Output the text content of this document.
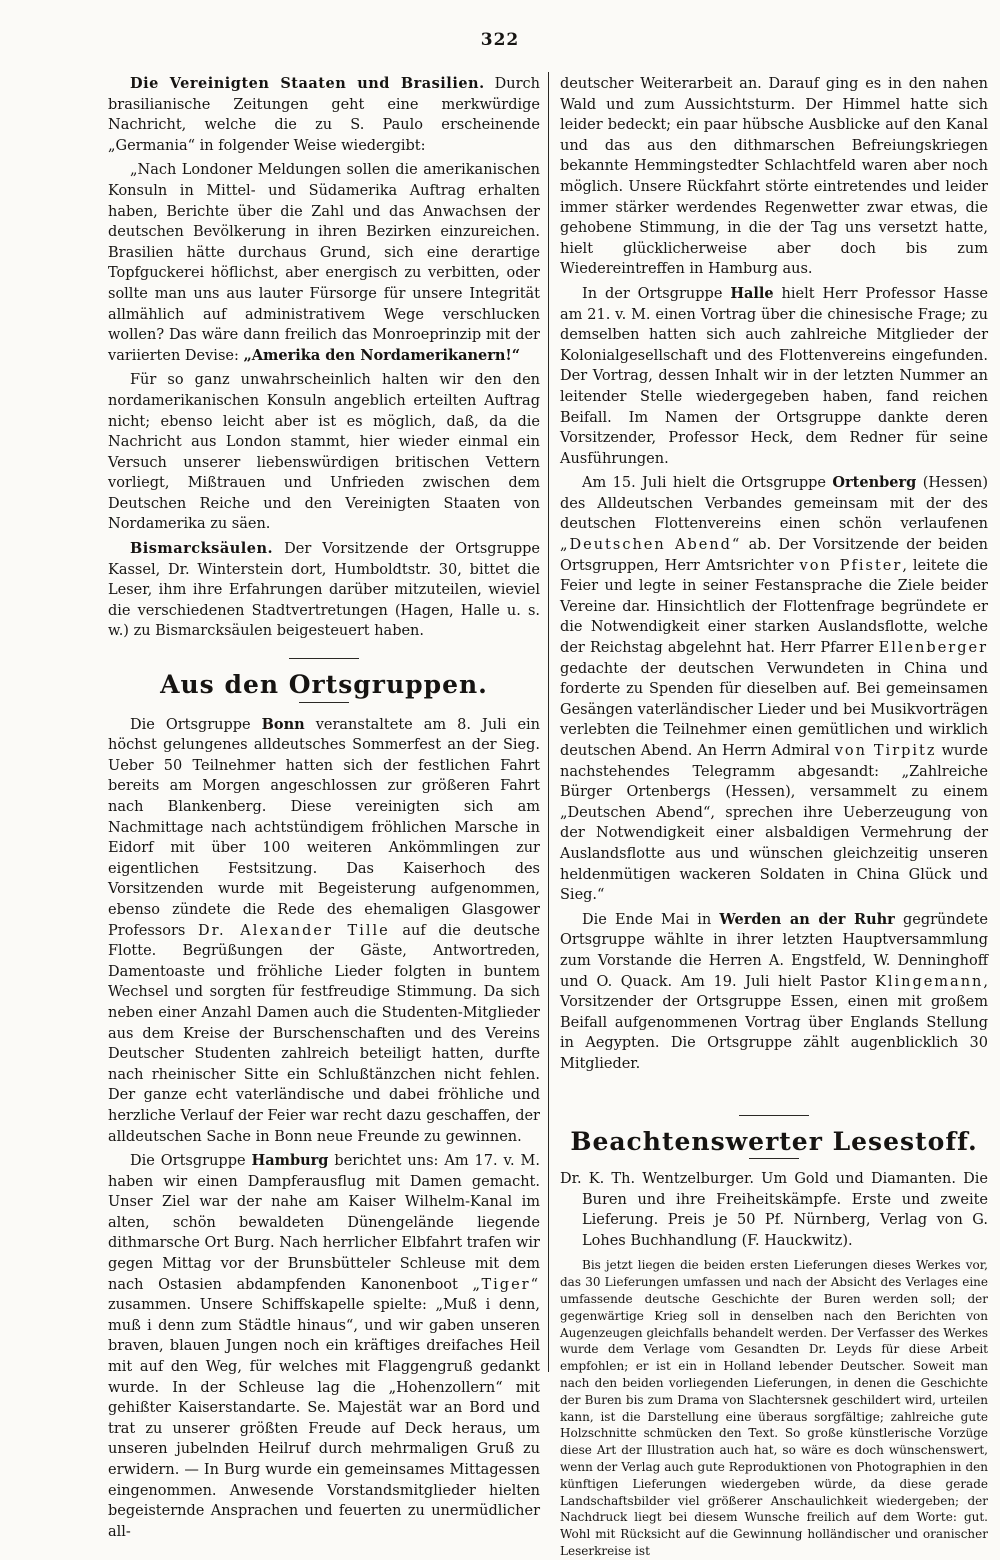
322

Die Vereinigten Staaten und Brasilien. Durch brasilianische Zeitungen geht eine merkwürdige Nachricht, welche die zu S. Paulo erscheinende „Germania“ in folgender Weise wiedergibt:

„Nach Londoner Meldungen sollen die amerikanischen Konsuln in Mittel- und Südamerika Auftrag erhalten haben, Berichte über die Zahl und das Anwachsen der deutschen Bevölkerung in ihren Bezirken einzureichen. Brasilien hätte durchaus Grund, sich eine derartige Topfguckerei höflichst, aber energisch zu verbitten, oder sollte man uns aus lauter Fürsorge für unsere Integrität allmählich auf administrativem Wege verschlucken wollen? Das wäre dann freilich das Monroeprinzip mit der variierten Devise: „Amerika den Nordamerikanern!“

Für so ganz unwahrscheinlich halten wir den den nordamerikanischen Konsuln angeblich erteilten Auftrag nicht; ebenso leicht aber ist es möglich, daß, da die Nachricht aus London stammt, hier wieder einmal ein Versuch unserer liebenswürdigen britischen Vettern vorliegt, Mißtrauen und Unfrieden zwischen dem Deutschen Reiche und den Vereinigten Staaten von Nordamerika zu säen.

Bismarcksäulen. Der Vorsitzende der Ortsgruppe Kassel, Dr. Winterstein dort, Humboldtstr. 30, bittet die Leser, ihm ihre Erfahrungen darüber mitzuteilen, wieviel die verschiedenen Stadtvertretungen (Hagen, Halle u. s. w.) zu Bismarcksäulen beigesteuert haben.

Aus den Ortsgruppen.

Die Ortsgruppe Bonn veranstaltete am 8. Juli ein höchst gelungenes alldeutsches Sommerfest an der Sieg. Ueber 50 Teilnehmer hatten sich der festlichen Fahrt bereits am Morgen angeschlossen zur größeren Fahrt nach Blankenberg. Diese vereinigten sich am Nachmittage nach achtstündigem fröhlichen Marsche in Eidorf mit über 100 weiteren Ankömmlingen zur eigentlichen Festsitzung. Das Kaiserhoch des Vorsitzenden wurde mit Begeisterung aufgenommen, ebenso zündete die Rede des ehemaligen Glasgower Professors Dr. Alexander Tille auf die deutsche Flotte. Begrüßungen der Gäste, Antwortreden, Damentoaste und fröhliche Lieder folgten in buntem Wechsel und sorgten für festfreudige Stimmung. Da sich neben einer Anzahl Damen auch die Studenten-Mitglieder aus dem Kreise der Burschenschaften und des Vereins Deutscher Studenten zahlreich beteiligt hatten, durfte nach rheinischer Sitte ein Schlußtänzchen nicht fehlen. Der ganze echt vaterländische und dabei fröhliche und herzliche Verlauf der Feier war recht dazu geschaffen, der alldeutschen Sache in Bonn neue Freunde zu gewinnen.

Die Ortsgruppe Hamburg berichtet uns: Am 17. v. M. haben wir einen Dampferausflug mit Damen gemacht. Unser Ziel war der nahe am Kaiser Wilhelm-Kanal im alten, schön bewaldeten Dünengelände liegende dithmarsche Ort Burg. Nach herrlicher Elbfahrt trafen wir gegen Mittag vor der Brunsbütteler Schleuse mit dem nach Ostasien abdampfenden Kanonenboot „Tiger“ zusammen. Unsere Schiffskapelle spielte: „Muß i denn, muß i denn zum Städtle hinaus“, und wir gaben unseren braven, blauen Jungen noch ein kräftiges dreifaches Heil mit auf den Weg, für welches mit Flaggengruß gedankt wurde. In der Schleuse lag die „Hohenzollern“ mit gehißter Kaiserstandarte. Se. Majestät war an Bord und trat zu unserer größten Freude auf Deck heraus, um unseren jubelnden Heilruf durch mehrmaligen Gruß zu erwidern. — In Burg wurde ein gemeinsames Mittagessen eingenommen. Anwesende Vorstandsmitglieder hielten begeisternde Ansprachen und feuerten zu unermüdlicher all-

deutscher Weiterarbeit an. Darauf ging es in den nahen Wald und zum Aussichtsturm. Der Himmel hatte sich leider bedeckt; ein paar hübsche Ausblicke auf den Kanal und das aus den dithmarschen Befreiungskriegen bekannte Hemmingstedter Schlachtfeld waren aber noch möglich. Unsere Rückfahrt störte eintretendes und leider immer stärker werdendes Regenwetter zwar etwas, die gehobene Stimmung, in die der Tag uns versetzt hatte, hielt glücklicherweise aber doch bis zum Wiedereintreffen in Hamburg aus.

In der Ortsgruppe Halle hielt Herr Professor Hasse am 21. v. M. einen Vortrag über die chinesische Frage; zu demselben hatten sich auch zahlreiche Mitglieder der Kolonialgesellschaft und des Flottenvereins eingefunden. Der Vortrag, dessen Inhalt wir in der letzten Nummer an leitender Stelle wiedergegeben haben, fand reichen Beifall. Im Namen der Ortsgruppe dankte deren Vorsitzender, Professor Heck, dem Redner für seine Ausführungen.

Am 15. Juli hielt die Ortsgruppe Ortenberg (Hessen) des Alldeutschen Verbandes gemeinsam mit der des deutschen Flottenvereins einen schön verlaufenen „Deutschen Abend“ ab. Der Vorsitzende der beiden Ortsgruppen, Herr Amtsrichter von Pfister, leitete die Feier und legte in seiner Festansprache die Ziele beider Vereine dar. Hinsichtlich der Flottenfrage begründete er die Notwendigkeit einer starken Auslandsflotte, welche der Reichstag abgelehnt hat. Herr Pfarrer Ellenberger gedachte der deutschen Verwundeten in China und forderte zu Spenden für dieselben auf. Bei gemeinsamen Gesängen vaterländischer Lieder und bei Musikvorträgen verlebten die Teilnehmer einen gemütlichen und wirklich deutschen Abend. An Herrn Admiral von Tirpitz wurde nachstehendes Telegramm abgesandt: „Zahlreiche Bürger Ortenbergs (Hessen), versammelt zu einem „Deutschen Abend“, sprechen ihre Ueberzeugung von der Notwendigkeit einer alsbaldigen Vermehrung der Auslandsflotte aus und wünschen gleichzeitig unseren heldenmütigen wackeren Soldaten in China Glück und Sieg.“

Die Ende Mai in Werden an der Ruhr gegründete Ortsgruppe wählte in ihrer letzten Hauptversammlung zum Vorstande die Herren A. Engstfeld, W. Denninghoff und O. Quack. Am 19. Juli hielt Pastor Klingemann, Vorsitzender der Ortsgruppe Essen, einen mit großem Beifall aufgenommenen Vortrag über Englands Stellung in Aegypten. Die Ortsgruppe zählt augenblicklich 30 Mitglieder.

Beachtenswerter Lesestoff.

Dr. K. Th. Wentzelburger. Um Gold und Diamanten. Die Buren und ihre Freiheitskämpfe. Erste und zweite Lieferung. Preis je 50 Pf. Nürnberg, Verlag von G. Lohes Buchhandlung (F. Hauckwitz).

Bis jetzt liegen die beiden ersten Lieferungen dieses Werkes vor, das 30 Lieferungen umfassen und nach der Absicht des Verlages eine umfassende deutsche Geschichte der Buren werden soll; der gegenwärtige Krieg soll in denselben nach den Berichten von Augenzeugen gleichfalls behandelt werden. Der Verfasser des Werkes wurde dem Verlage vom Gesandten Dr. Leyds für diese Arbeit empfohlen; er ist ein in Holland lebender Deutscher. Soweit man nach den beiden vorliegenden Lieferungen, in denen die Geschichte der Buren bis zum Drama von Slachtersnek geschildert wird, urteilen kann, ist die Darstellung eine überaus sorgfältige; zahlreiche gute Holzschnitte schmücken den Text. So große künstlerische Vorzüge diese Art der Illustration auch hat, so wäre es doch wünschenswert, wenn der Verlag auch gute Reproduktionen von Photographien in den künftigen Lieferungen wiedergeben würde, da diese gerade Landschaftsbilder viel größerer Anschaulichkeit wiedergeben; der Nachdruck liegt bei diesem Wunsche freilich auf dem Worte: gut. Wohl mit Rücksicht auf die Gewinnung holländischer und oranischer Leserkreise ist
